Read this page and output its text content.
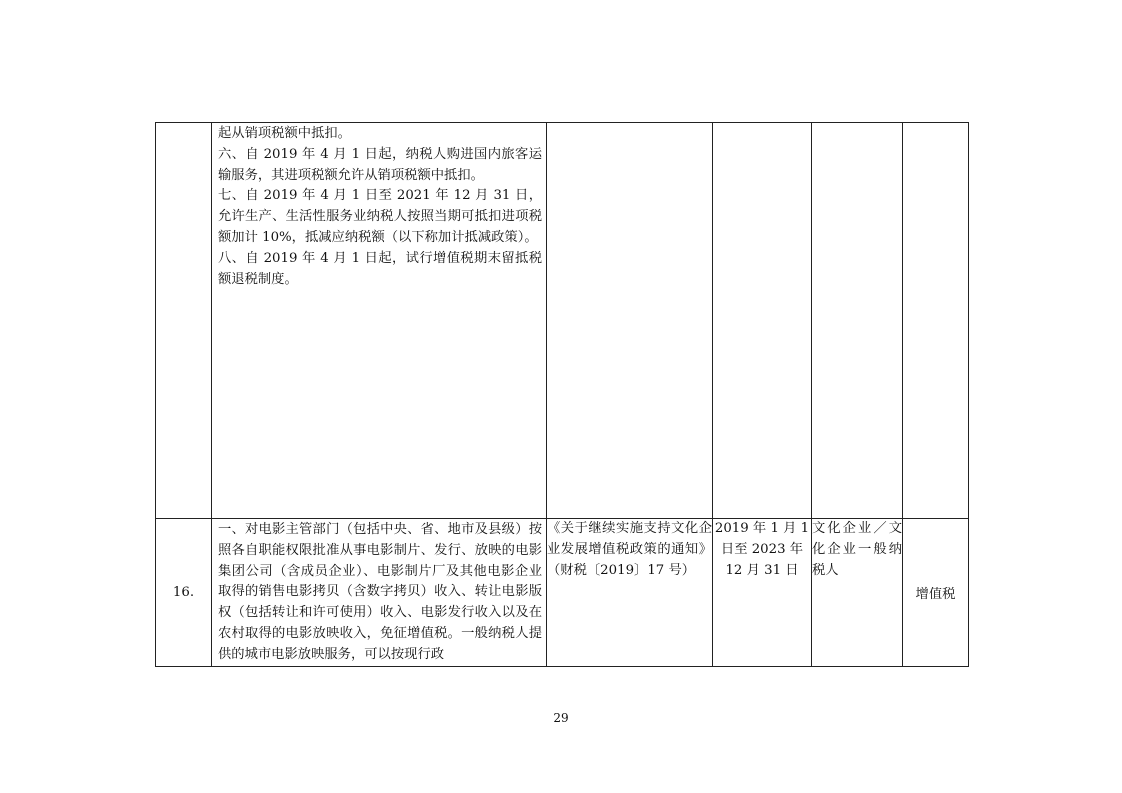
	起从销项税额中抵扣。

六、自 2019 年 4 月 1 日起，纳税人购进国内旅客运输服务，其进项税额允许从销项税额中抵扣。

七、自 2019 年 4 月 1 日至 2021 年 12 月 31 日，允许生产、生活性服务业纳税人按照当期可抵扣进项税额加计 10%，抵减应纳税额（以下称加计抵减政策）。

八、自 2019 年 4 月 1 日起，试行增值税期末留抵税额退税制度。				

16.	一、对电影主管部门（包括中央、省、地市及县级）按照各自职能权限批准从事电影制片、发行、放映的电影集团公司（含成员企业）、电影制片厂及其他电影企业取得的销售电影拷贝（含数字拷贝）收入、转让电影版权（包括转让和许可使用）收入、电影发行收入以及在农村取得的电影放映收入，免征增值税。一般纳税人提供的城市电影放映服务，可以按现行政	《关于继续实施支持文化企业发展增值税政策的通知》（财税〔2019〕17 号）	2019 年 1 月 1 日至 2023 年 12 月 31 日	文化企业／文化企业一般纳税人	增值税
29
